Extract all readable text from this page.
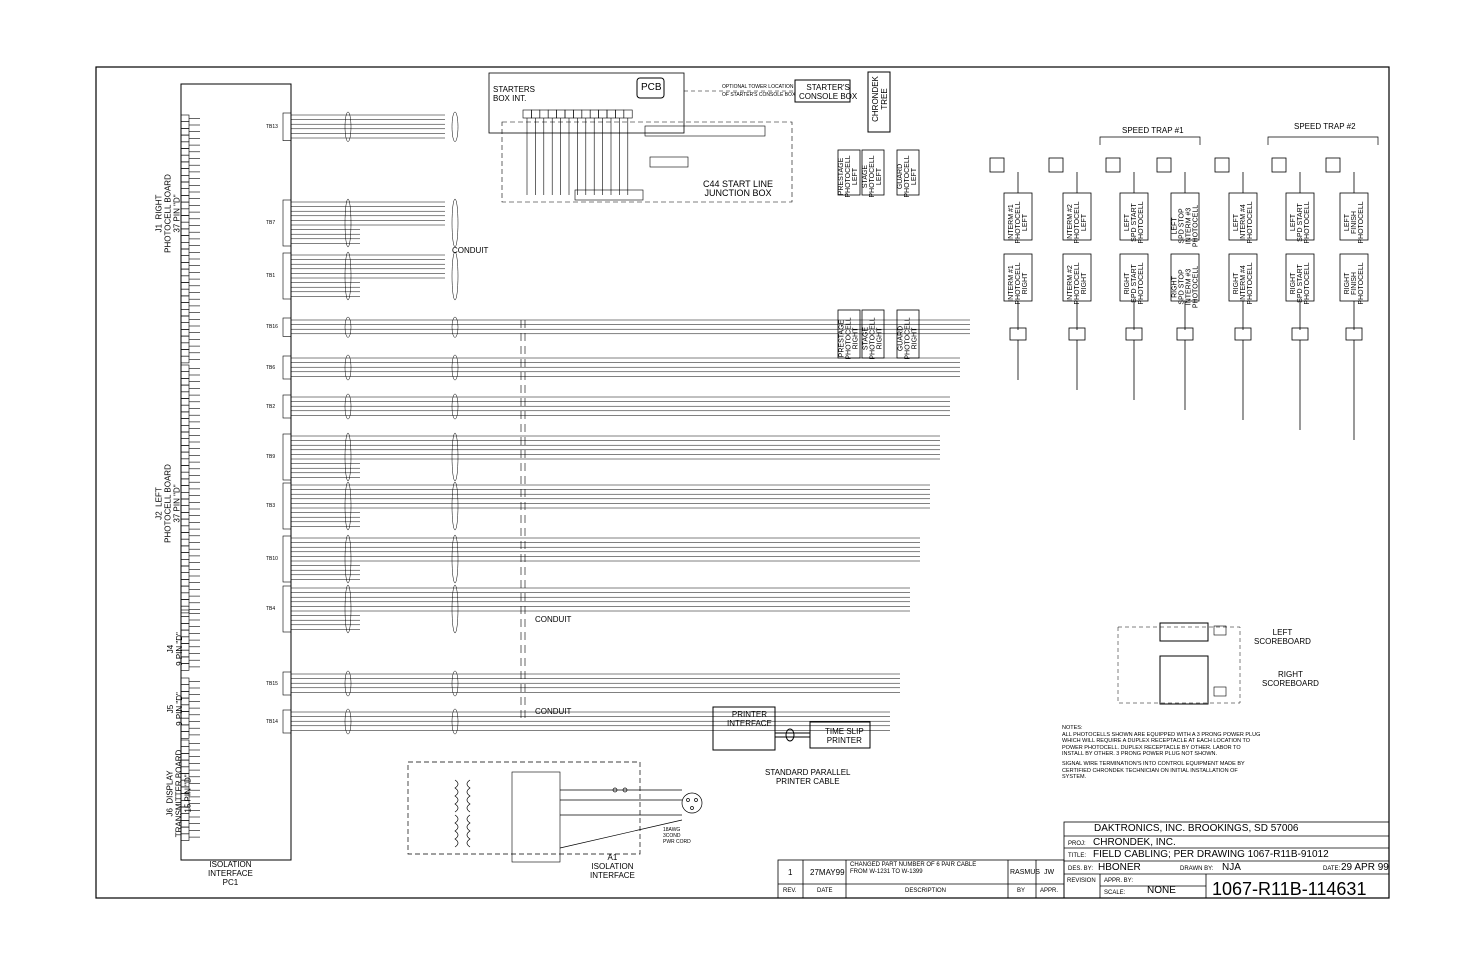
ISOLATION
INTERFACE
PC1
A1
ISOLATION
INTERFACE
J1  RIGHT
PHOTOCELL BOARD
37 PIN "D"
J2  LEFT
PHOTOCELL BOARD
37 PIN "D"
J4
9 PIN "D"
J5
9 PIN "D"
J6  DISPLAY
TRANSMITTER BOARD
15 PIN "D"
STARTERS
BOX INT.
PCB	STARTER'S
CONSOLE BOX
OPTIONAL TOWER LOCATION
OF STARTER'S CONSOLE BOX	CHRONDEK
TREE
C44 START LINE
JUNCTION BOX
SPEED TRAP #1	SPEED TRAP #2
CONDUIT
CONDUIT
CONDUIT
PRESTAGE
PHOTOCELL
LEFT
PRESTAGE
PHOTOCELL
RIGHT
STAGE
PHOTOCELL
LEFT
STAGE
PHOTOCELL
RIGHT
GUARD
PHOTOCELL
LEFT
GUARD
PHOTOCELL
RIGHT
INTERM #1
PHOTOCELL
LEFT
INTERM #1
PHOTOCELL
RIGHT
INTERM #2
PHOTOCELL
LEFT
INTERM #2
PHOTOCELL
RIGHT
LEFT
SPD START
PHOTOCELL
RIGHT
SPD START
PHOTOCELL
LEFT
SPD STOP
INTERM #3
PHOTOCELL
RIGHT
SPD STOP
INTERM #3
PHOTOCELL
LEFT
INTERM #4
PHOTOCELL
RIGHT
INTERM #4
PHOTOCELL
LEFT
SPD START
PHOTOCELL
RIGHT
SPD START
PHOTOCELL
LEFT
FINISH
PHOTOCELL
RIGHT
FINISH
PHOTOCELL
TB13
TB7
TB1
TB16
TB6
TB2
TB9
TB3
TB10
TB4
TB15
TB14
LEFT
SCOREBOARD
RIGHT
SCOREBOARD
PRINTER
INTERFACE
TIME SLIP
PRINTER
STANDARD PARALLEL
PRINTER CABLE
18AWG
3COND
PWR CORD
NOTES:
ALL PHOTOCELLS SHOWN ARE EQUIPPED WITH A 3 PRONG POWER PLUG WHICH WILL REQUIRE A DUPLEX RECEPTACLE AT EACH LOCATION TO POWER PHOTOCELL. DUPLEX RECEPTACLE BY OTHER. LABOR TO INSTALL BY OTHER. 3 PRONG POWER PLUG NOT SHOWN.
SIGNAL WIRE TERMINATION'S INTO CONTROL EQUIPMENT MADE BY CERTIFIED CHRONDEK TECHNICIAN ON INITIAL INSTALLATION OF SYSTEM.
1 27MAY99
CHANGED PART NUMBER OF 6 PAIR CABLE
FROM W-1231 TO W-1399	RASMUS JW
REV.	DATE	DESCRIPTION	BY APPR.
DAKTRONICS, INC. BROOKINGS, SD 57006
PROJ: CHRONDEK, INC.
TITLE: FIELD CABLING; PER DRAWING 1067-R11B-91012
DES. BY: HBONER	DRAWN BY: NJA	DATE: 29 APR 99
REVISION APPR. BY:
SCALE: NONE 1067-R11B-114631
